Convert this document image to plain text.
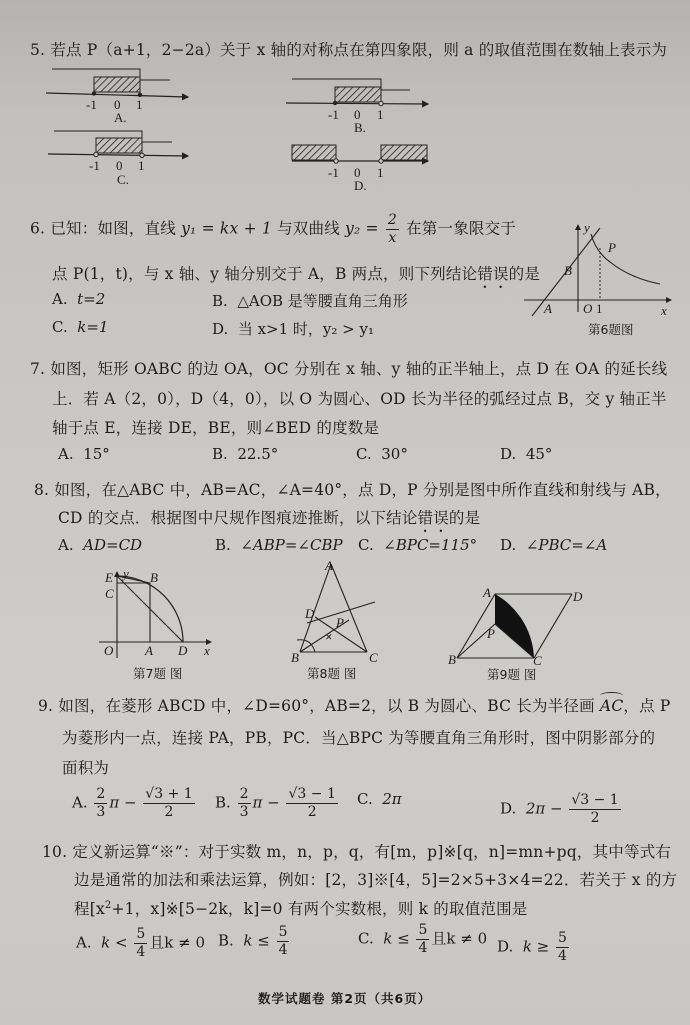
5. 若点 P（a+1，2−2a）关于 x 轴的对称点在第四象限，则 a 的取值范围在数轴上表示为
-1 0 1
A.
-1 0 1
C.
-1 0 1
B.
-1 0 1
D.
6. 已知：如图，直线 y₁ = kx + 1 与双曲线 $y_2 = \frac{2}{x}$ 在第一象限交于
点 P(1，t)，与 x 轴、y 轴分别交于 A，B 两点，则下列结论错误的是
A. t=2	B. △AOB 是等腰直角三角形
C. k=1	D. 当 x>1 时，y₂ > y₁
y
P
B
A O 1	x
第6题图
7. 如图，矩形 OABC 的边 OA，OC 分别在 x 轴、y 轴的正半轴上，点 D 在 OA 的延长线
上．若 A（2，0），D（4，0），以 O 为圆心、OD 长为半径的弧经过点 B，交 y 轴正半
轴于点 E，连接 DE，BE，则∠BED 的度数是
A. 15°	B. 22.5°	C. 30°	D. 45°
8. 如图，在△ABC 中，AB=AC，∠A=40°，点 D，P 分别是图中所作直线和射线与 AB，
CD 的交点．根据图中尺规作图痕迹推断，以下结论错误的是
A. AD=CD	B. ∠ABP=∠CBP C. ∠BPC=115° D. ∠PBC=∠A
E y B
C
O A D x
第7题 图
✕
A
D
P
B	C
第8题 图
A	D
P
B	C
第9题 图
9. 如图，在菱形 ABCD 中，∠D=60°，AB=2，以 B 为圆心、BC 长为半径画 AC，点 P
为菱形内一点，连接 PA，PB，PC．当△BPC 为等腰直角三角形时，图中阴影部分的
面积为
A. $\frac{2}{3}$ $\pi - \frac{√3 + 1}{2} B$. $\frac{2}{3}$ $\pi - \frac{√3 - 1}{2} C$. 2π
D. $2\pi - \frac{√3 - 1}{2}$
10. 定义新运算“※”：对于实数 m，n，p，q，有[m，p]※[q，n]=mn+pq，其中等式右
边是通常的加法和乘法运算，例如：[2，3]※[4，5]=2×5+3×4=22．若关于 x 的方
程[$x^2+1$，x]※[5−2k，k]=0 有两个实数根，则 k 的取值范围是
A. $k < \frac{5}{4}$ 且k ≠ 0 B. $k \le \frac{5}{4}$	C. $k \le \frac{5}{4}$ 且k ≠ 0 D. $k \ge \frac{5}{4}$
数学试题卷 第2页（共6页）
